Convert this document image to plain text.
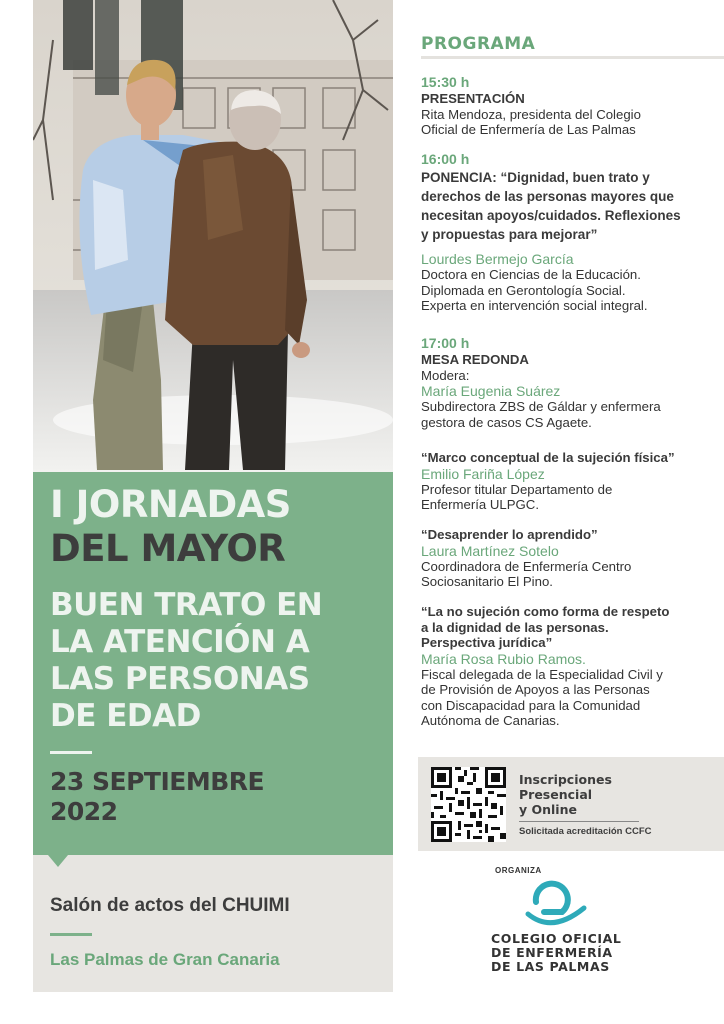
I JORNADAS
DEL MAYOR
BUEN TRATO EN
LA ATENCIÓN A
LAS PERSONAS
DE EDAD
23 SEPTIEMBRE
2022
Salón de actos del CHUIMI
Las Palmas de Gran Canaria
PROGRAMA
15:30 h
PRESENTACIÓN
Rita Mendoza, presidenta del Colegio
Oficial de Enfermería de Las Palmas
16:00 h
PONENCIA: “Dignidad, buen trato y
derechos de las personas mayores que
necesitan apoyos/cuidados. Reflexiones
y propuestas para mejorar”
Lourdes Bermejo García
Doctora en Ciencias de la Educación.
Diplomada en Gerontología Social.
Experta en intervención social integral.
17:00 h
MESA REDONDA
Modera:
María Eugenia Suárez
Subdirectora ZBS de Gáldar y enfermera
gestora de casos CS Agaete.
“Marco conceptual de la sujeción física”
Emilio Fariña López
Profesor titular Departamento de
Enfermería ULPGC.
“Desaprender lo aprendido”
Laura Martínez Sotelo
Coordinadora de Enfermería Centro
Sociosanitario El Pino.
“La no sujeción como forma de respeto
a la dignidad de las personas.
Perspectiva jurídica”
María Rosa Rubio Ramos.
Fiscal delegada de la Especialidad Civil y
de Provisión de Apoyos a las Personas
con Discapacidad para la Comunidad
Autónoma de Canarias.
Inscripciones
Presencial
y Online
Solicitada acreditación CCFC
ORGANIZA
COLEGIO OFICIAL
DE ENFERMERÍA
DE LAS PALMAS
